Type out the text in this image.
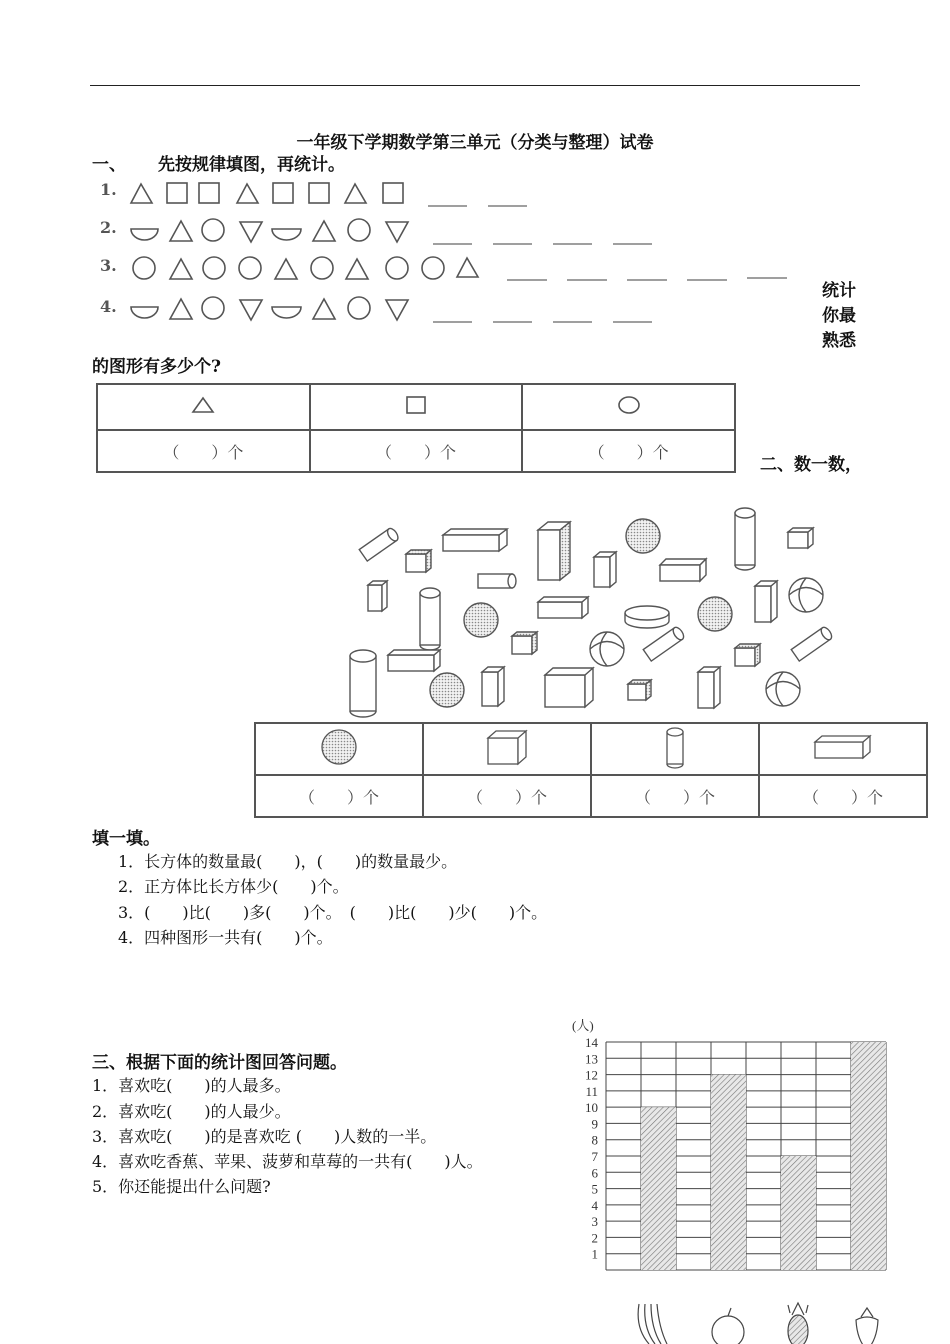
一年级下学期数学第三单元（分类与整理）试卷
一、 先按规律填图，再统计。
1.
2.
3.
4.
统计
你最
熟悉
的图形有多少个?

（　　）个	（　　）个	（　　）个
二、数一数，

（　　）个	（　　）个	（　　）个	（　　）个
填一填。
1．长方体的数量最(　　)，(　　)的数量最少。
2．正方体比长方体少(　　)个。
3．(　　)比(　　)多(　　)个。　(　　)比(　　)少(　　)个。
4．四种图形一共有(　　)个。
三、根据下面的统计图回答问题。
1．喜欢吃(　　)的人最多。
2．喜欢吃(　　)的人最少。
3．喜欢吃(　　)的是喜欢吃 (　　)人数的一半。
4．喜欢吃香蕉、苹果、菠萝和草莓的一共有(　　)人。
5．你还能提出什么问题?
(人)
1
2
3
4
5
6
7
8
9
10
11
12
13
14
